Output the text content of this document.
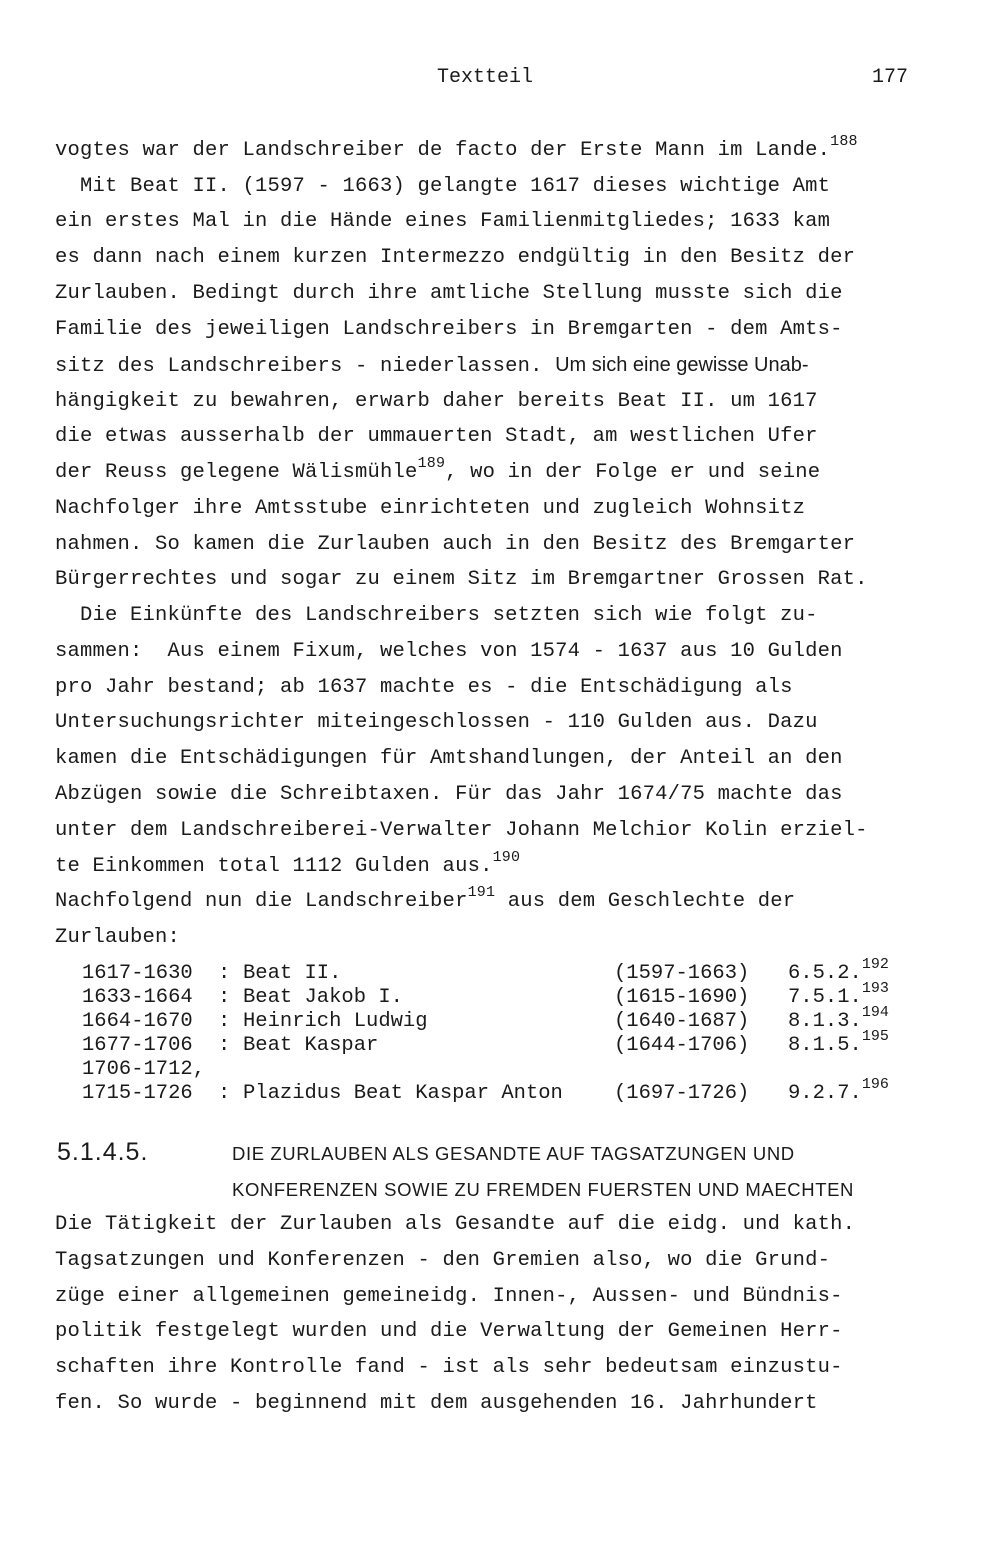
Textteil	177
vogtes war der Landschreiber de facto der Erste Mann im Lande.$^{188}$
Mit Beat II. (1597 - 1663) gelangte 1617 dieses wichtige Amt
ein erstes Mal in die Hände eines Familienmitgliedes; 1633 kam
es dann nach einem kurzen Intermezzo endgültig in den Besitz der
Zurlauben. Bedingt durch ihre amtliche Stellung musste sich die
Familie des jeweiligen Landschreibers in Bremgarten - dem Amts-
sitz des Landschreibers - niederlassen. Um sich eine gewisse Unab-
hängigkeit zu bewahren, erwarb daher bereits Beat II. um 1617
die etwas ausserhalb der ummauerten Stadt, am westlichen Ufer
der Reuss gelegene Wälismühle$^{189}$, wo in der Folge er und seine
Nachfolger ihre Amtsstube einrichteten und zugleich Wohnsitz
nahmen. So kamen die Zurlauben auch in den Besitz des Bremgarter
Bürgerrechtes und sogar zu einem Sitz im Bremgartner Grossen Rat.
Die Einkünfte des Landschreibers setzten sich wie folgt zu-
sammen:  Aus einem Fixum, welches von 1574 - 1637 aus 10 Gulden
pro Jahr bestand; ab 1637 machte es - die Entschädigung als
Untersuchungsrichter miteingeschlossen - 110 Gulden aus. Dazu
kamen die Entschädigungen für Amtshandlungen, der Anteil an den
Abzügen sowie die Schreibtaxen. Für das Jahr 1674/75 machte das
unter dem Landschreiberei-Verwalter Johann Melchior Kolin erziel-
te Einkommen total 1112 Gulden aus.$^{190}$
Nachfolgend nun die Landschreiber$^{191}$ aus dem Geschlechte der
Zurlauben:
1617-1630 : Beat II.	(1597-1663) 6.5.2.$^{192}$
1633-1664 : Beat Jakob I.	(1615-1690) 7.5.1.$^{193}$
1664-1670 : Heinrich Ludwig	(1640-1687) 8.1.3.$^{194}$
1677-1706 : Beat Kaspar	(1644-1706) 8.1.5.$^{195}$
1706-1712,
1715-1726 : Plazidus Beat Kaspar Anton (1697-1726) 9.2.7.$^{196}$
5.1.4.5.	DIE ZURLAUBEN ALS GESANDTE AUF TAGSATZUNGEN UND
KONFERENZEN SOWIE ZU FREMDEN FUERSTEN UND MAECHTEN
Die Tätigkeit der Zurlauben als Gesandte auf die eidg. und kath.
Tagsatzungen und Konferenzen - den Gremien also, wo die Grund-
züge einer allgemeinen gemeineidg. Innen-, Aussen- und Bündnis-
politik festgelegt wurden und die Verwaltung der Gemeinen Herr-
schaften ihre Kontrolle fand - ist als sehr bedeutsam einzustu-
fen. So wurde - beginnend mit dem ausgehenden 16. Jahrhundert
